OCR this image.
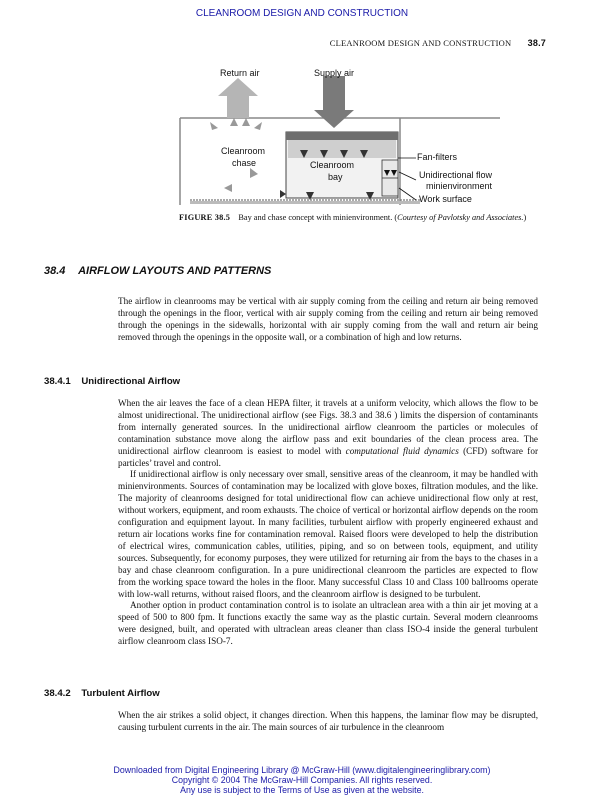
CLEANROOM DESIGN AND CONSTRUCTION
CLEANROOM DESIGN AND CONSTRUCTION 38.7
Return air	Supply air
Cleanroom
chase	Cleanroom
bay
Fan-filters
Unidirectional flow
minienvironment
Work surface
FIGURE 38.5 Bay and chase concept with minienvironment. (Courtesy of Pavlotsky and Associates.)
38.4 AIRFLOW LAYOUTS AND PATTERNS

The airflow in cleanrooms may be vertical with air supply coming from the ceiling and return air being removed through the openings in the floor, vertical with air supply coming from the ceiling and return air being removed through the openings in the sidewalls, horizontal with air supply coming from the wall and return air being removed through the openings in the opposite wall, or a combination of high and low returns.

38.4.1 Unidirectional Airflow

When the air leaves the face of a clean HEPA filter, it travels at a uniform velocity, which allows the flow to be almost unidirectional. The unidirectional airflow (see Figs. 38.3 and 38.6 ) limits the dispersion of contaminants from internally generated sources. In the unidirectional airflow cleanroom the particles or molecules of contamination substance move along the airflow pass and exit boundaries of the clean process area. The unidirectional airflow cleanroom is easiest to model with computational fluid dynamics (CFD) software for particles’ travel and control.

If unidirectional airflow is only necessary over small, sensitive areas of the cleanroom, it may be handled with minienvironments. Sources of contamination may be localized with glove boxes, filtration modules, and the like. The majority of cleanrooms designed for total unidirectional flow can achieve unidirectional flow only at rest, without workers, equipment, and room exhausts. The choice of vertical or horizontal airflow depends on the room configuration and equipment layout. In many facilities, turbulent airflow with properly engineered exhaust and return air locations works fine for contamination removal. Raised floors were developed to help the distribution of electrical wires, communication cables, utilities, piping, and so on between tools, equipment, and utility sources. Subsequently, for economy purposes, they were utilized for returning air from the bays to the chases in a bay and chase cleanroom configuration. In a pure unidirectional cleanroom the particles are expected to flow from the working space toward the holes in the floor. Many successful Class 10 and Class 100 ballrooms operate with low-wall returns, without raised floors, and the cleanroom airflow is designed to be turbulent.

Another option in product contamination control is to isolate an ultraclean area with a thin air jet moving at a speed of 500 to 800 fpm. It functions exactly the same way as the plastic curtain. Several modern cleanrooms were designed, built, and operated with ultraclean areas cleaner than class ISO-4 inside the general turbulent airflow cleanroom class ISO-7.

38.4.2 Turbulent Airflow

When the air strikes a solid object, it changes direction. When this happens, the laminar flow may be disrupted, causing turbulent currents in the air. The main sources of air turbulence in the cleanroom

Downloaded from Digital Engineering Library @ McGraw-Hill (www.digitalengineeringlibrary.com)
Copyright © 2004 The McGraw-Hill Companies. All rights reserved.
Any use is subject to the Terms of Use as given at the website.
